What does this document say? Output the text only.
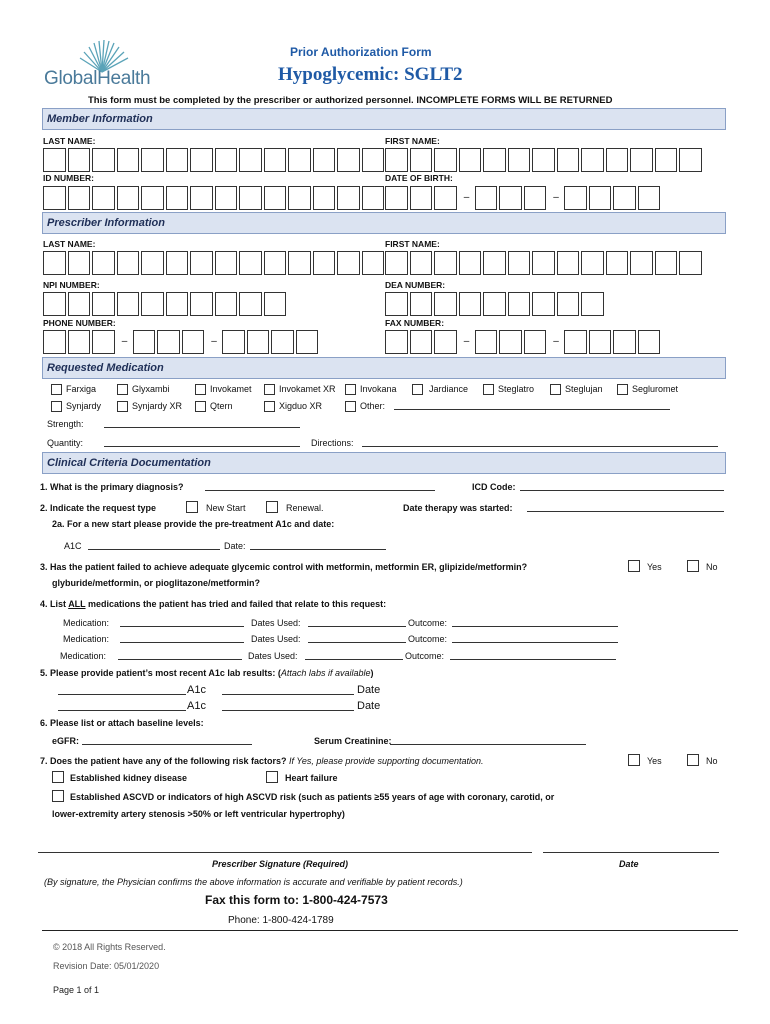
GlobalHealth
Prior Authorization Form
Hypoglycemic: SGLT2
This form must be completed by the prescriber or authorized personnel. INCOMPLETE FORMS WILL BE RETURNED
Member Information
LAST NAME:	FIRST NAME:
ID NUMBER:	DATE OF BIRTH:
–	–
Prescriber Information
LAST NAME:	FIRST NAME:
NPI NUMBER:	DEA NUMBER:
PHONE NUMBER:	FAX NUMBER:
–	–	–	–
Requested Medication
Farxiga	Glyxambi	Invokamet	Invokamet XR	Invokana	Jardiance	Steglatro	Steglujan	Segluromet
Synjardy	Synjardy XR	Qtern	Xigduo XR	Other:
Strength:
Quantity:	Directions:
Clinical Criteria Documentation
1. What is the primary diagnosis?	ICD Code:
2. Indicate the request type	New Start	Renewal.	Date therapy was started:
2a. For a new start please provide the pre-treatment A1c and date:
A1C	Date:
3. Has the patient failed to achieve adequate glycemic control with metformin, metformin ER, glipizide/metformin?
glyburide/metformin, or pioglitazone/metformin?
Yes	No
4. List ALL medications the patient has tried and failed that relate to this request:
Medication:	Dates Used:	Outcome:
Medication:	Dates Used:	Outcome:
Medication:	Dates Used:	Outcome:
5. Please provide patient’s most recent A1c lab results: (Attach labs if available)
A1c	Date
A1c	Date
6. Please list or attach baseline levels:
eGFR:	Serum Creatinine:
7. Does the patient have any of the following risk factors? If Yes, please provide supporting documentation.	Yes	No
Established kidney disease	Heart failure
Established ASCVD or indicators of high ASCVD risk (such as patients ≥55 years of age with coronary, carotid, or
lower-extremity artery stenosis >50% or left ventricular hypertrophy)
Prescriber Signature (Required)	Date
(By signature, the Physician confirms the above information is accurate and verifiable by patient records.)
Fax this form to: 1-800-424-7573
Phone: 1-800-424-1789
© 2018 All Rights Reserved.
Revision Date: 05/01/2020
Page 1 of 1
